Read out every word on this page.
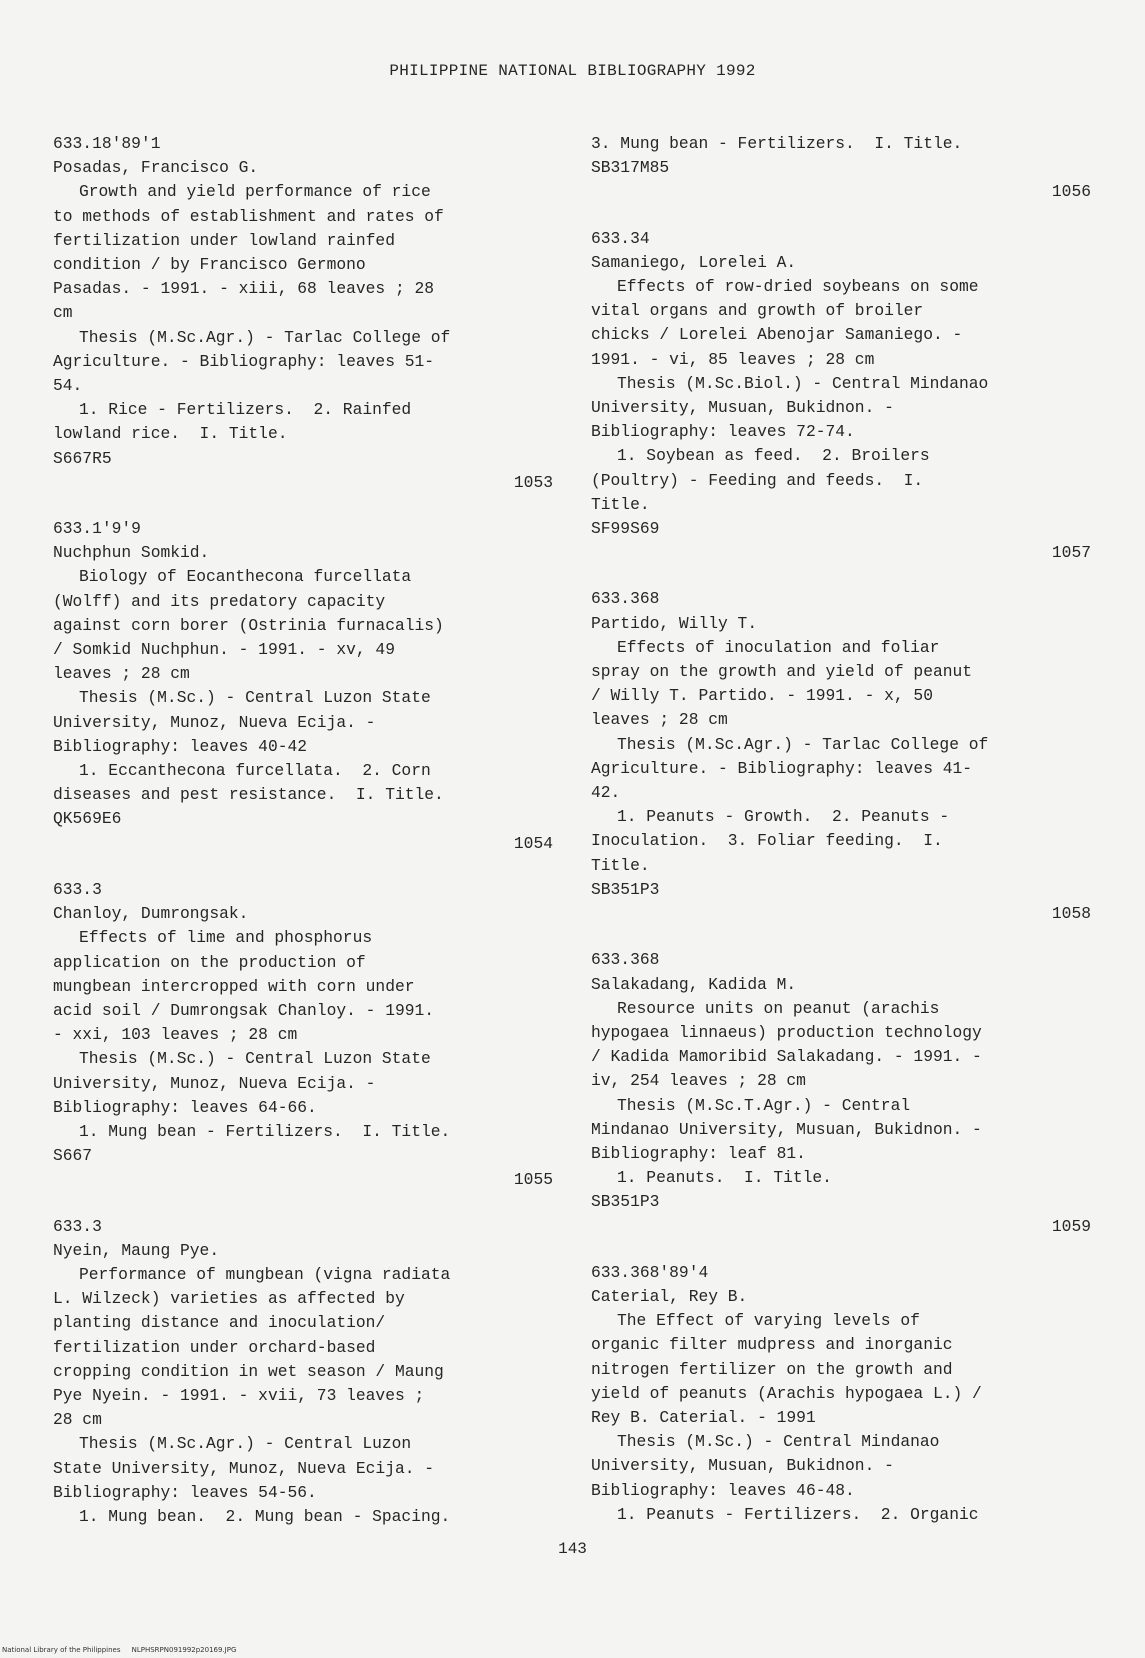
PHILIPPINE NATIONAL BIBLIOGRAPHY 1992
633.18'89'1
Posadas, Francisco G.
Growth and yield performance of rice
to methods of establishment and rates of
fertilization under lowland rainfed
condition / by Francisco Germono
Pasadas. - 1991. - xiii, 68 leaves ; 28
cm
Thesis (M.Sc.Agr.) - Tarlac College of
Agriculture. - Bibliography: leaves 51-
54.
1. Rice - Fertilizers.  2. Rainfed
lowland rice.  I. Title.
S667R5
1053
633.1'9'9
Nuchphun Somkid.
Biology of Eocanthecona furcellata
(Wolff) and its predatory capacity
against corn borer (Ostrinia furnacalis)
/ Somkid Nuchphun. - 1991. - xv, 49
leaves ; 28 cm
Thesis (M.Sc.) - Central Luzon State
University, Munoz, Nueva Ecija. -
Bibliography: leaves 40-42
1. Eccanthecona furcellata.  2. Corn
diseases and pest resistance.  I. Title.
QK569E6
1054
633.3
Chanloy, Dumrongsak.
Effects of lime and phosphorus
application on the production of
mungbean intercropped with corn under
acid soil / Dumrongsak Chanloy. - 1991.
- xxi, 103 leaves ; 28 cm
Thesis (M.Sc.) - Central Luzon State
University, Munoz, Nueva Ecija. -
Bibliography: leaves 64-66.
1. Mung bean - Fertilizers.  I. Title.
S667
1055
633.3
Nyein, Maung Pye.
Performance of mungbean (vigna radiata
L. Wilzeck) varieties as affected by
planting distance and inoculation/
fertilization under orchard-based
cropping condition in wet season / Maung
Pye Nyein. - 1991. - xvii, 73 leaves ;
28 cm
Thesis (M.Sc.Agr.) - Central Luzon
State University, Munoz, Nueva Ecija. -
Bibliography: leaves 54-56.
1. Mung bean.  2. Mung bean - Spacing.
3. Mung bean - Fertilizers.  I. Title.
SB317M85
1056
633.34
Samaniego, Lorelei A.
Effects of row-dried soybeans on some
vital organs and growth of broiler
chicks / Lorelei Abenojar Samaniego. -
1991. - vi, 85 leaves ; 28 cm
Thesis (M.Sc.Biol.) - Central Mindanao
University, Musuan, Bukidnon. -
Bibliography: leaves 72-74.
1. Soybean as feed.  2. Broilers
(Poultry) - Feeding and feeds.  I.
Title.
SF99S69
1057
633.368
Partido, Willy T.
Effects of inoculation and foliar
spray on the growth and yield of peanut
/ Willy T. Partido. - 1991. - x, 50
leaves ; 28 cm
Thesis (M.Sc.Agr.) - Tarlac College of
Agriculture. - Bibliography: leaves 41-
42.
1. Peanuts - Growth.  2. Peanuts -
Inoculation.  3. Foliar feeding.  I.
Title.
SB351P3
1058
633.368
Salakadang, Kadida M.
Resource units on peanut (arachis
hypogaea linnaeus) production technology
/ Kadida Mamoribid Salakadang. - 1991. -
iv, 254 leaves ; 28 cm
Thesis (M.Sc.T.Agr.) - Central
Mindanao University, Musuan, Bukidnon. -
Bibliography: leaf 81.
1. Peanuts.  I. Title.
SB351P3
1059
633.368'89'4
Caterial, Rey B.
The Effect of varying levels of
organic filter mudpress and inorganic
nitrogen fertilizer on the growth and
yield of peanuts (Arachis hypogaea L.) /
Rey B. Caterial. - 1991
Thesis (M.Sc.) - Central Mindanao
University, Musuan, Bukidnon. -
Bibliography: leaves 46-48.
1. Peanuts - Fertilizers.  2. Organic
143
National Library of the Philippines     NLPHSRPN091992p20169.JPG
